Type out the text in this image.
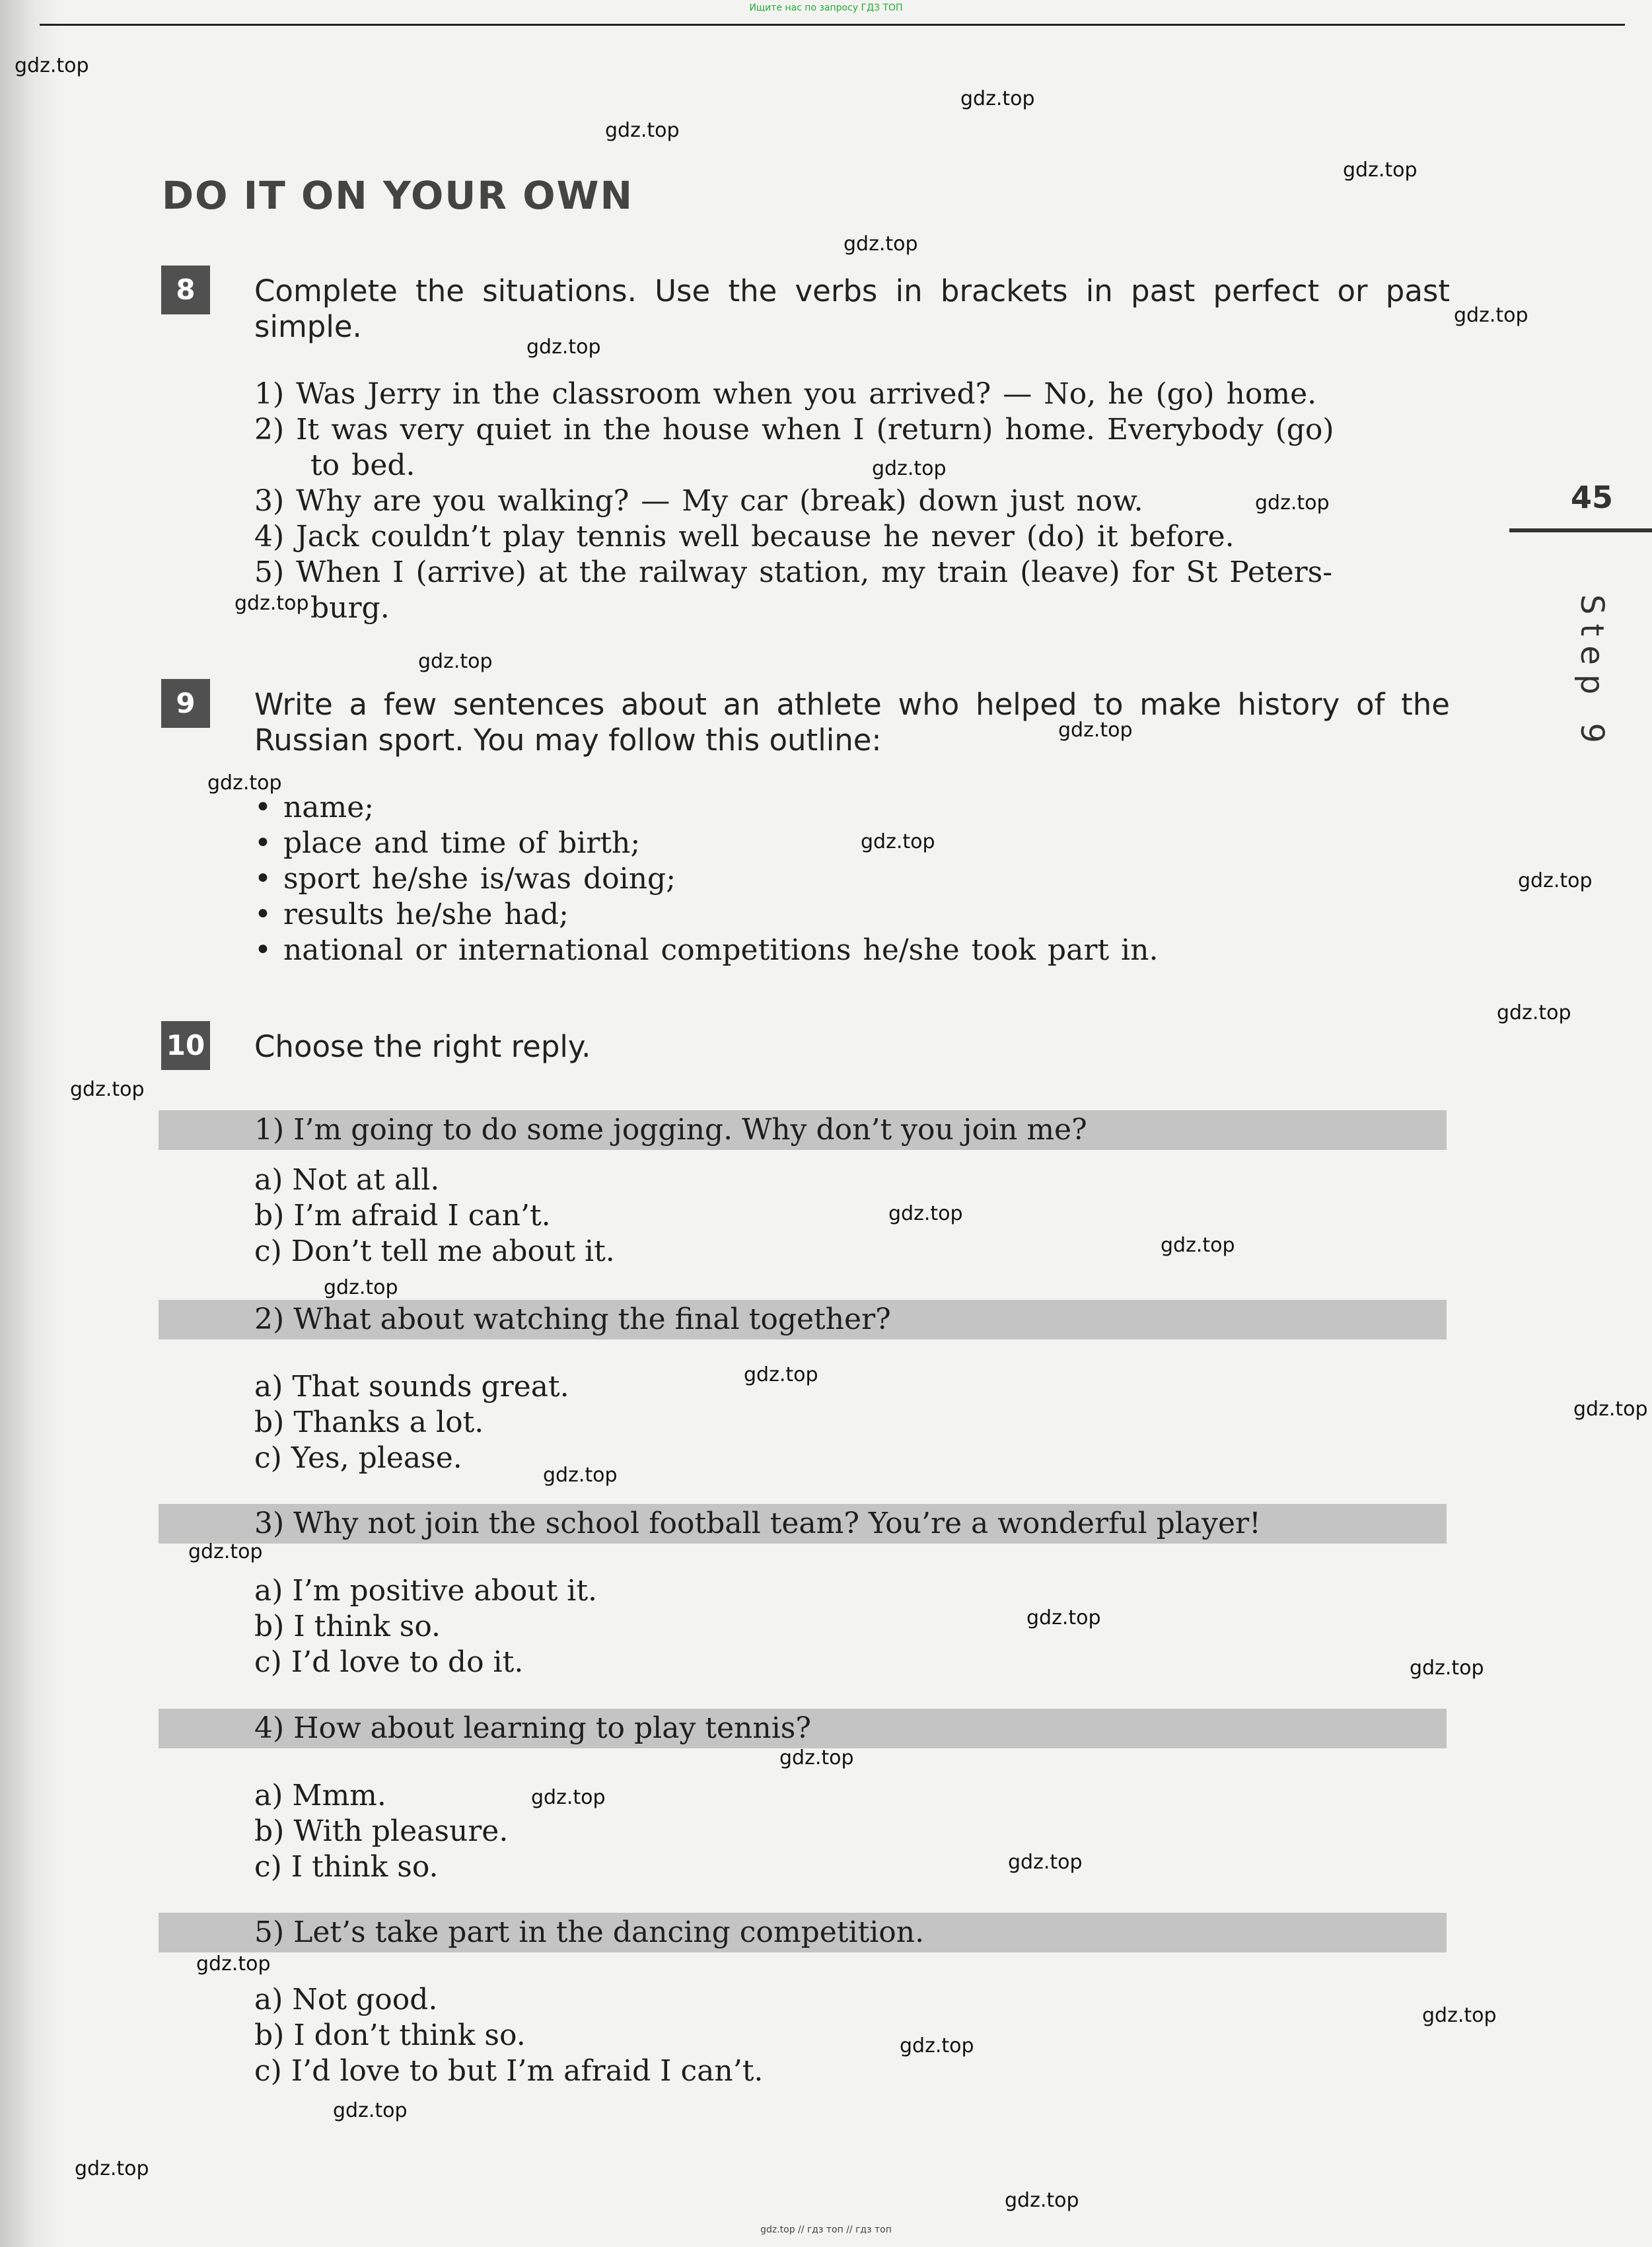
Ищите нас по запросу ГДЗ ТОП
DO IT ON YOUR OWN
8	Complete the situations. Use the verbs in brackets in past perfect or past simple.
1) Was Jerry in the classroom when you arrived? — No, he (go) home.
2) It was very quiet in the house when I (return) home. Everybody (go)
to bed.
3) Why are you walking? — My car (break) down just now.
4) Jack couldn’t play tennis well because he never (do) it before.
5) When I (arrive) at the railway station, my train (leave) for St Peters-
burg.
9	Write a few sentences about an athlete who helped to make history of the Russian sport. You may follow this outline:
• name;
• place and time of birth;
• sport he/she is/was doing;
• results he/she had;
• national or international competitions he/she took part in.
10 Choose the right reply.
1) I’m going to do some jogging. Why don’t you join me?
a) Not at all.
b) I’m afraid I can’t.
c) Don’t tell me about it.
2) What about watching the final together?
a) That sounds great.
b) Thanks a lot.
c) Yes, please.
3) Why not join the school football team? You’re a wonderful player!
a) I’m positive about it.
b) I think so.
c) I’d love to do it.
4) How about learning to play tennis?
a) Mmm.
b) With pleasure.
c) I think so.
5) Let’s take part in the dancing competition.
a) Not good.
b) I don’t think so.
c) I’d love to but I’m afraid I can’t.
45
Step 9
gdz.top
gdz.top
gdz.top
gdz.top
gdz.top
gdz.top
gdz.top
gdz.top
gdz.top
gdz.top
gdz.top
gdz.top
gdz.top
gdz.top
gdz.top
gdz.top
gdz.top
gdz.top
gdz.top
gdz.top
gdz.top
gdz.top
gdz.top
gdz.top
gdz.top
gdz.top
gdz.top
gdz.top
gdz.top
gdz.top
gdz.top
gdz.top
gdz.top
gdz.top
gdz.top
gdz.top // гдз топ // гдз топ
